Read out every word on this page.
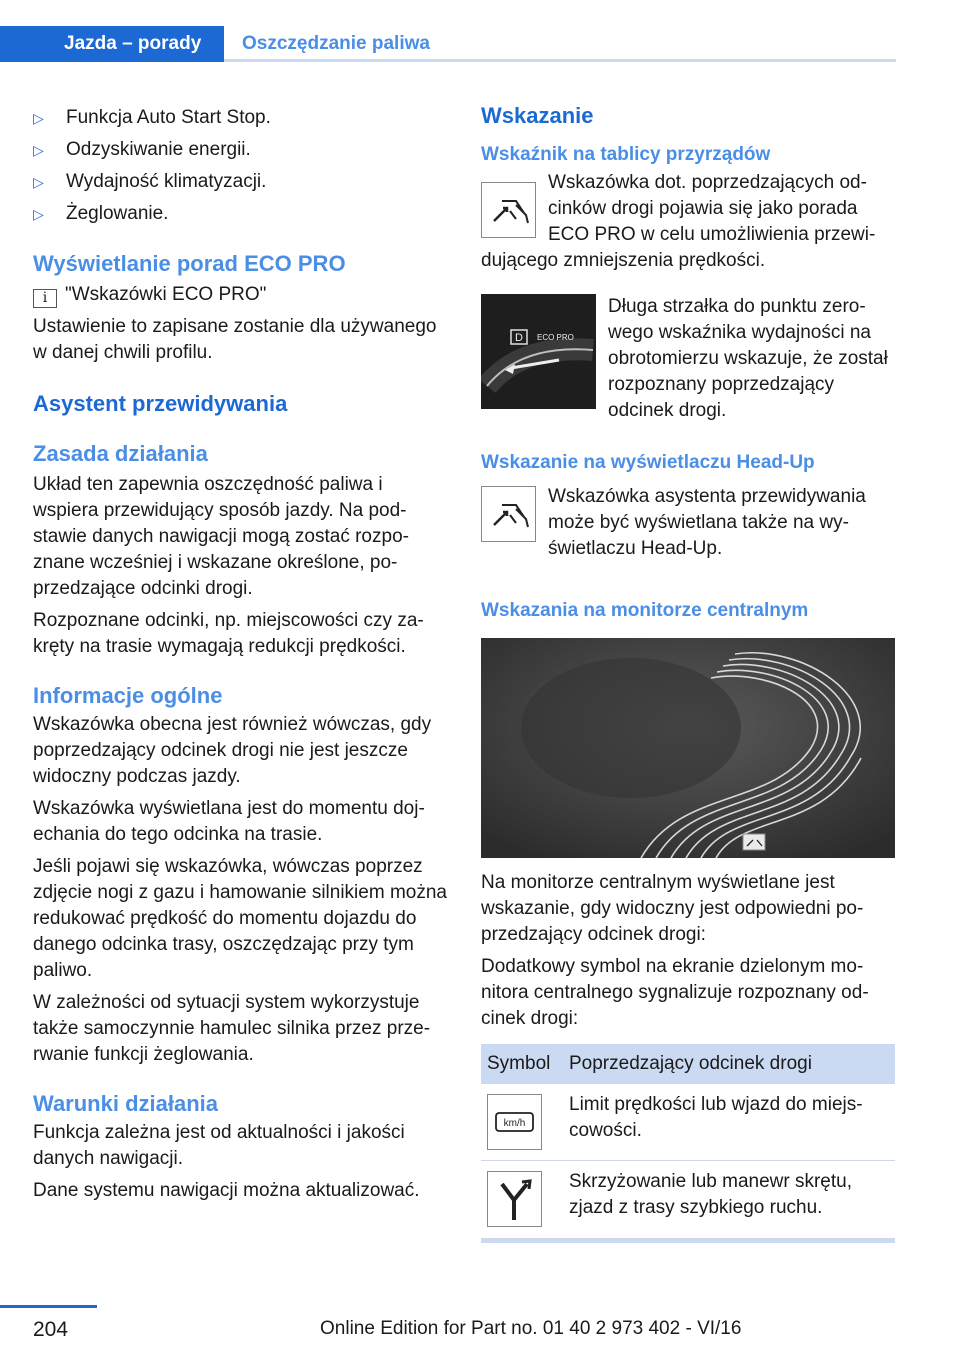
Jazda – porady	Oszczędzanie paliwa
▷ Funkcja Auto Start Stop.
▷ Odzyskiwanie energii.
▷ Wydajność klimatyzacji.
▷ Żeglowanie.
Wyświetlanie porad ECO PRO
i "Wskazówki ECO PRO"

Ustawienie to zapisane zostanie dla używanego w danej chwili profilu.

Asystent przewidywania
Zasada działania

Układ ten zapewnia oszczędność paliwa i wspiera przewidujący sposób jazdy. Na podstawie danych nawigacji mogą zostać rozpoznane wcześniej i wskazane określone, poprzedzające odcinki drogi.

Rozpoznane odcinki, np. miejscowości czy zakręty na trasie wymagają redukcji prędkości.

Informacje ogólne

Wskazówka obecna jest również wówczas, gdy poprzedzający odcinek drogi nie jest jeszcze widoczny podczas jazdy.

Wskazówka wyświetlana jest do momentu dojechania do tego odcinka na trasie.

Jeśli pojawi się wskazówka, wówczas poprzez zdjęcie nogi z gazu i hamowanie silnikiem można redukować prędkość do momentu dojazdu do danego odcinka trasy, oszczędzając przy tym paliwo.

W zależności od sytuacji system wykorzystuje także samoczynnie hamulec silnika przez przerwanie funkcji żeglowania.

Warunki działania

Funkcja zależna jest od aktualności i jakości danych nawigacji.

Dane systemu nawigacji można aktualizować.

Wskazanie
Wskaźnik na tablicy przyrządów

Wskazówka dot. poprzedzających odcinków drogi pojawia się jako porada ECO PRO w celu umożliwienia przewidującego zmniejszenia prędkości.

D ECO PRO

Długa strzałka do punktu zerowego wskaźnika wydajności na obrotomierzu wskazuje, że został rozpoznany poprzedzający odcinek drogi.

Wskazanie na wyświetlaczu Head-Up

Wskazówka asystenta przewidywania może być wyświetlana także na wyświetlaczu Head-Up.

Wskazania na monitorze centralnym

Na monitorze centralnym wyświetlane jest wskazanie, gdy widoczny jest odpowiedni poprzedzający odcinek drogi:

Dodatkowy symbol na ekranie dzielonym monitora centralnego sygnalizuje rozpoznany odcinek drogi:

Symbol	Poprzedzający odcinek drogi

km/h	Limit prędkości lub wjazd do miejscowości.

	Skrzyżowanie lub manewr skrętu, zjazd z trasy szybkiego ruchu.
204	Online Edition for Part no. 01 40 2 973 402 - VI/16
